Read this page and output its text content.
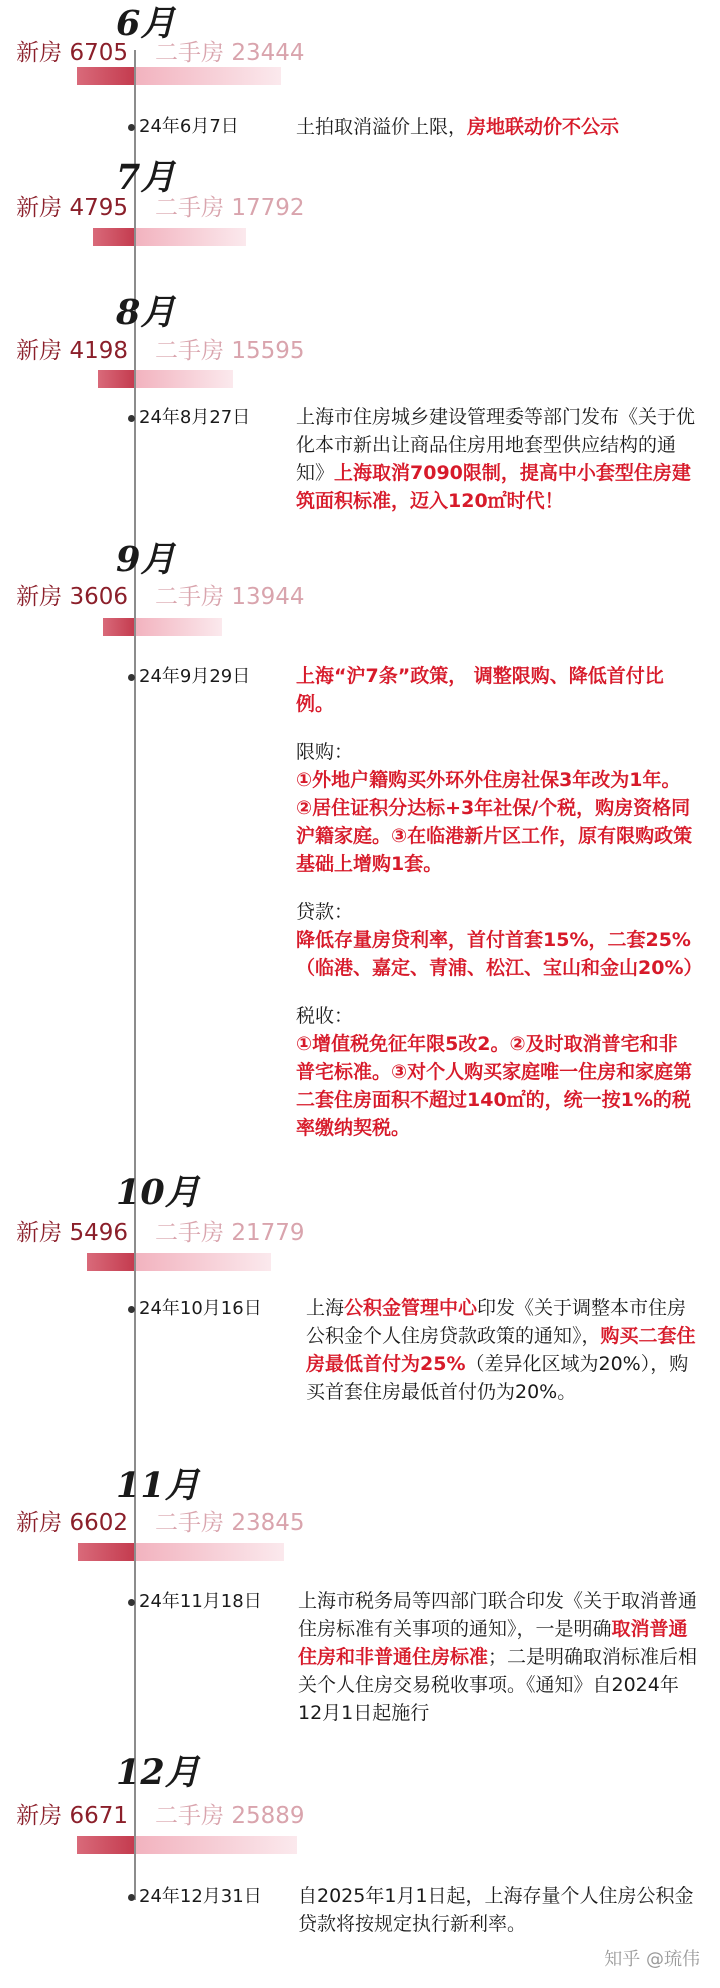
6月
新房 6705 二手房 23444
24年6月7日	土拍取消溢价上限，房地联动价不公示
7月
新房 4795 二手房 17792
8月
新房 4198 二手房 15595
24年8月27日 上海市住房城乡建设管理委等部门发布《关于优化本市新出让商品住房用地套型供应结构的通知》上海取消7090限制，提高中小套型住房建筑面积标准，迈入120㎡时代！
9月
新房 3606 二手房 13944
24年9月29日 上海“沪7条”政策， 调整限购、降低首付比例。
限购：
①外地户籍购买外环外住房社保3年改为1年。②居住证积分达标+3年社保/个税，购房资格同沪籍家庭。③在临港新片区工作，原有限购政策基础上增购1套。
贷款：
降低存量房贷利率，首付首套15%，二套25%（临港、嘉定、青浦、松江、宝山和金山20%）
税收：
①增值税免征年限5改2。②及时取消普宅和非普宅标准。③对个人购买家庭唯一住房和家庭第二套住房面积不超过140㎡的，统一按1%的税率缴纳契税。
10月
新房 5496 二手房 21779
24年10月16日 上海公积金管理中心印发《关于调整本市住房公积金个人住房贷款政策的通知》，购买二套住房最低首付为25%（差异化区域为20%），购买首套住房最低首付仍为20%。
11月
新房 6602 二手房 23845
24年11月18日 上海市税务局等四部门联合印发《关于取消普通住房标准有关事项的通知》，一是明确取消普通住房和非普通住房标准；二是明确取消标准后相关个人住房交易税收事项。《通知》自2024年12月1日起施行
12月
新房 6671 二手房 25889
24年12月31日 自2025年1月1日起，上海存量个人住房公积金贷款将按规定执行新利率。
知乎 @琉伟
